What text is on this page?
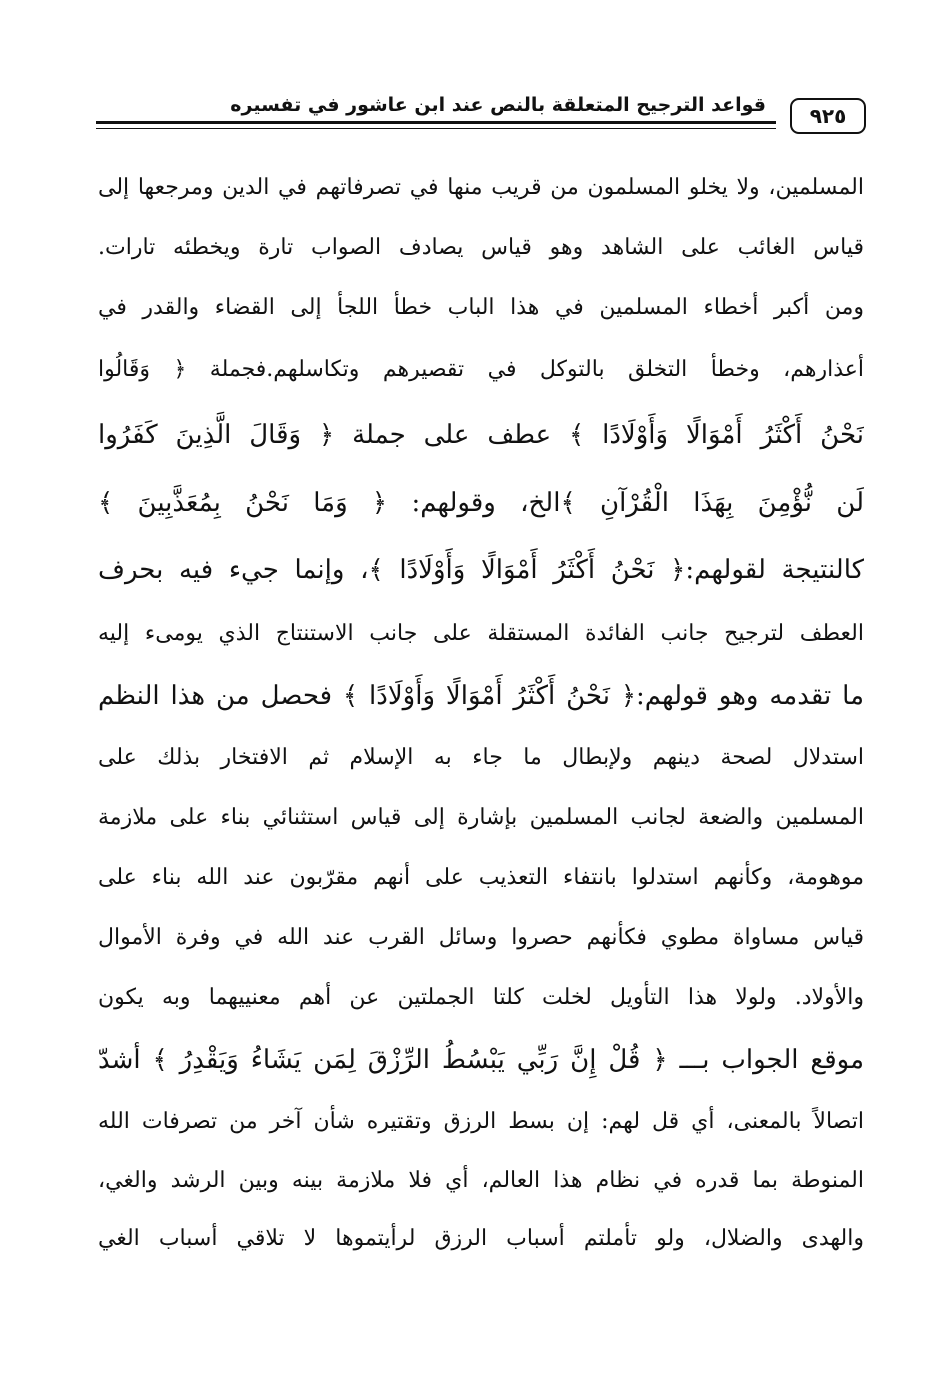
قواعد الترجيح المتعلقة بالنص عند ابن عاشور في تفسيره ٩٢٥
المسلمين، ولا يخلو المسلمون من قريب منها في تصرفاتهم في الدين ومرجعها إلى
قياس الغائب على الشاهد وهو قياس يصادف الصواب تارة ويخطئه تارات.
ومن أكبر أخطاء المسلمين في هذا الباب خطأ اللجأ إلى القضاء والقدر في
أعذارهم، وخطأ التخلق بالتوكل في تقصيرهم وتكاسلهم.فجملة ﴿ وَقَالُوا
نَحْنُ أَكْثَرُ أَمْوَالًا وَأَوْلَادًا ﴾ عطف على جملة ﴿ وَقَالَ الَّذِينَ كَفَرُوا
لَن نُّؤْمِنَ بِهَذَا الْقُرْآنِ ﴾الخ، وقولهم: ﴿ وَمَا نَحْنُ بِمُعَذَّبِينَ ﴾
كالنتيجة لقولهم:﴿ نَحْنُ أَكْثَرُ أَمْوَالًا وَأَوْلَادًا ﴾، وإنما جيء فيه بحرف
العطف لترجيح جانب الفائدة المستقلة على جانب الاستنتاج الذي يومىء إليه
ما تقدمه وهو قولهم:﴿ نَحْنُ أَكْثَرُ أَمْوَالًا وَأَوْلَادًا ﴾ فحصل من هذا النظم
استدلال لصحة دينهم ولإبطال ما جاء به الإسلام ثم الافتخار بذلك على
المسلمين والضعة لجانب المسلمين بإشارة إلى قياس استثنائي بناء على ملازمة
موهومة، وكأنهم استدلوا بانتفاء التعذيب على أنهم مقرّبون عند الله بناء على
قياس مساواة مطوي فكأنهم حصروا وسائل القرب عند الله في وفرة الأموال
والأولاد. ولولا هذا التأويل لخلت كلتا الجملتين عن أهم معنييهما وبه يكون
موقع الجواب بـــ ﴿ قُلْ إِنَّ رَبِّي يَبْسُطُ الرِّزْقَ لِمَن يَشَاءُ وَيَقْدِرُ ﴾ أشدّ
اتصالاً بالمعنى، أي قل لهم: إن بسط الرزق وتقتيره شأن آخر من تصرفات الله
المنوطة بما قدره في نظام هذا العالم، أي فلا ملازمة بينه وبين الرشد والغي،
والهدى والضلال، ولو تأملتم أسباب الرزق لرأيتموها لا تلاقي أسباب الغي
